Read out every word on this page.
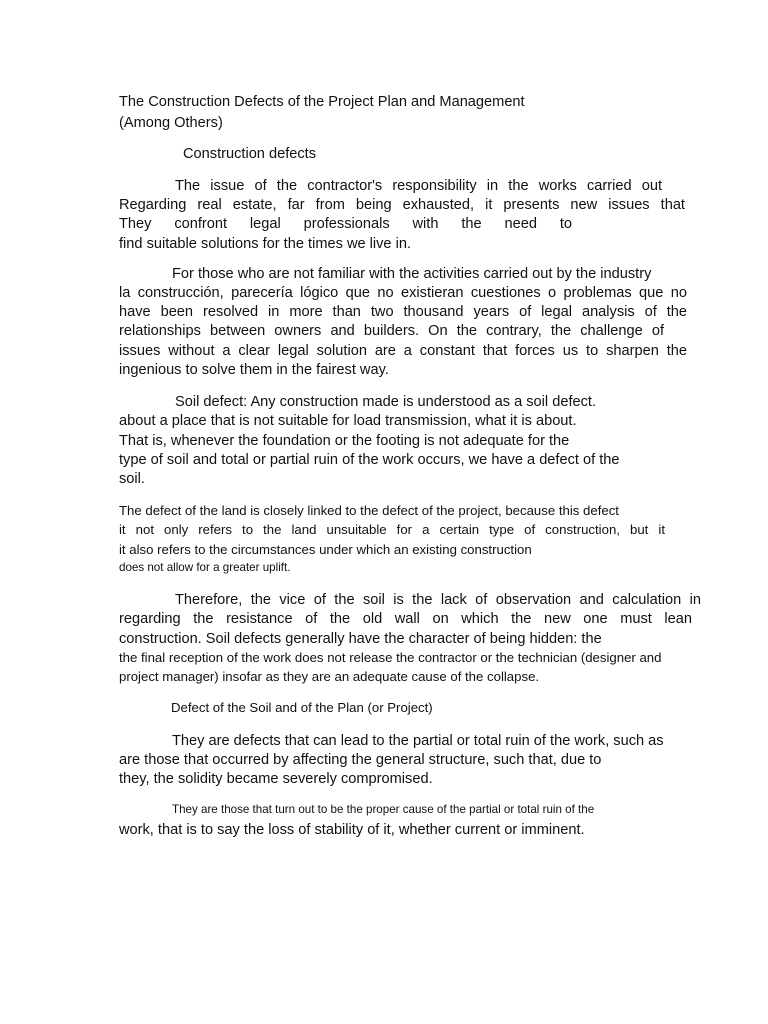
The Construction Defects of the Project Plan and Management
(Among Others)
Construction defects
The issue of the contractor's responsibility in the works carried out
Regarding real estate, far from being exhausted, it presents new issues that
They confront legal professionals with the need to
find suitable solutions for the times we live in.
For those who are not familiar with the activities carried out by the industry
la construcción, parecería lógico que no existieran cuestiones o problemas que no
have been resolved in more than two thousand years of legal analysis of the
relationships between owners and builders. On the contrary, the challenge of
issues without a clear legal solution are a constant that forces us to sharpen the
ingenious to solve them in the fairest way.
Soil defect: Any construction made is understood as a soil defect.
about a place that is not suitable for load transmission, what it is about.
That is, whenever the foundation or the footing is not adequate for the
type of soil and total or partial ruin of the work occurs, we have a defect of the
soil.
The defect of the land is closely linked to the defect of the project, because this defect
it not only refers to the land unsuitable for a certain type of construction, but it
it also refers to the circumstances under which an existing construction
does not allow for a greater uplift.
Therefore, the vice of the soil is the lack of observation and calculation in
regarding the resistance of the old wall on which the new one must lean
construction. Soil defects generally have the character of being hidden: the
the final reception of the work does not release the contractor or the technician (designer and
project manager) insofar as they are an adequate cause of the collapse.
Defect of the Soil and of the Plan (or Project)
They are defects that can lead to the partial or total ruin of the work, such as
are those that occurred by affecting the general structure, such that, due to
they, the solidity became severely compromised.
They are those that turn out to be the proper cause of the partial or total ruin of the
work, that is to say the loss of stability of it, whether current or imminent.
